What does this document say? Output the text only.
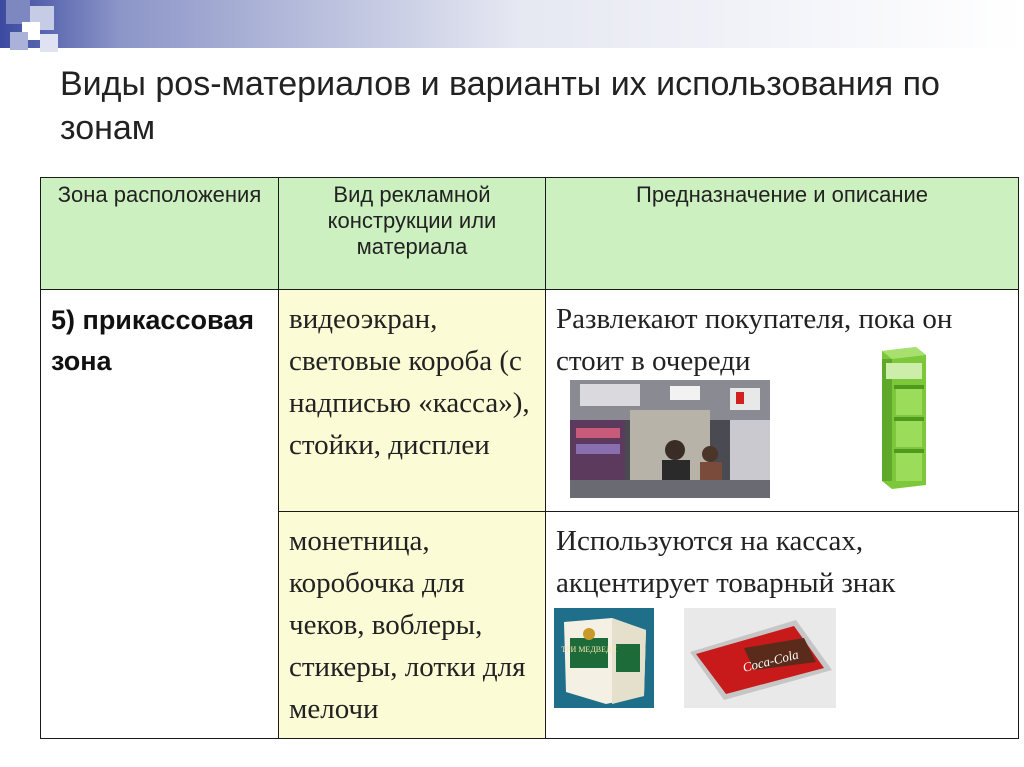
Виды pos-материалов и варианты их использования по зонам
Зона расположения	Вид рекламной конструкции или материала	Предназначение и описание
5) прикассовая зона	видеоэкран, световые короба (с надписью «касса»), стойки, дисплеи	Развлекают покупателя, пока он стоит в очереди

	монетница, коробочка для чеков, воблеры, стикеры, лотки для мелочи	Используются на кассах, акцентирует товарный знак
ТРИ МЕДВЕДЯ Coca-Cola
